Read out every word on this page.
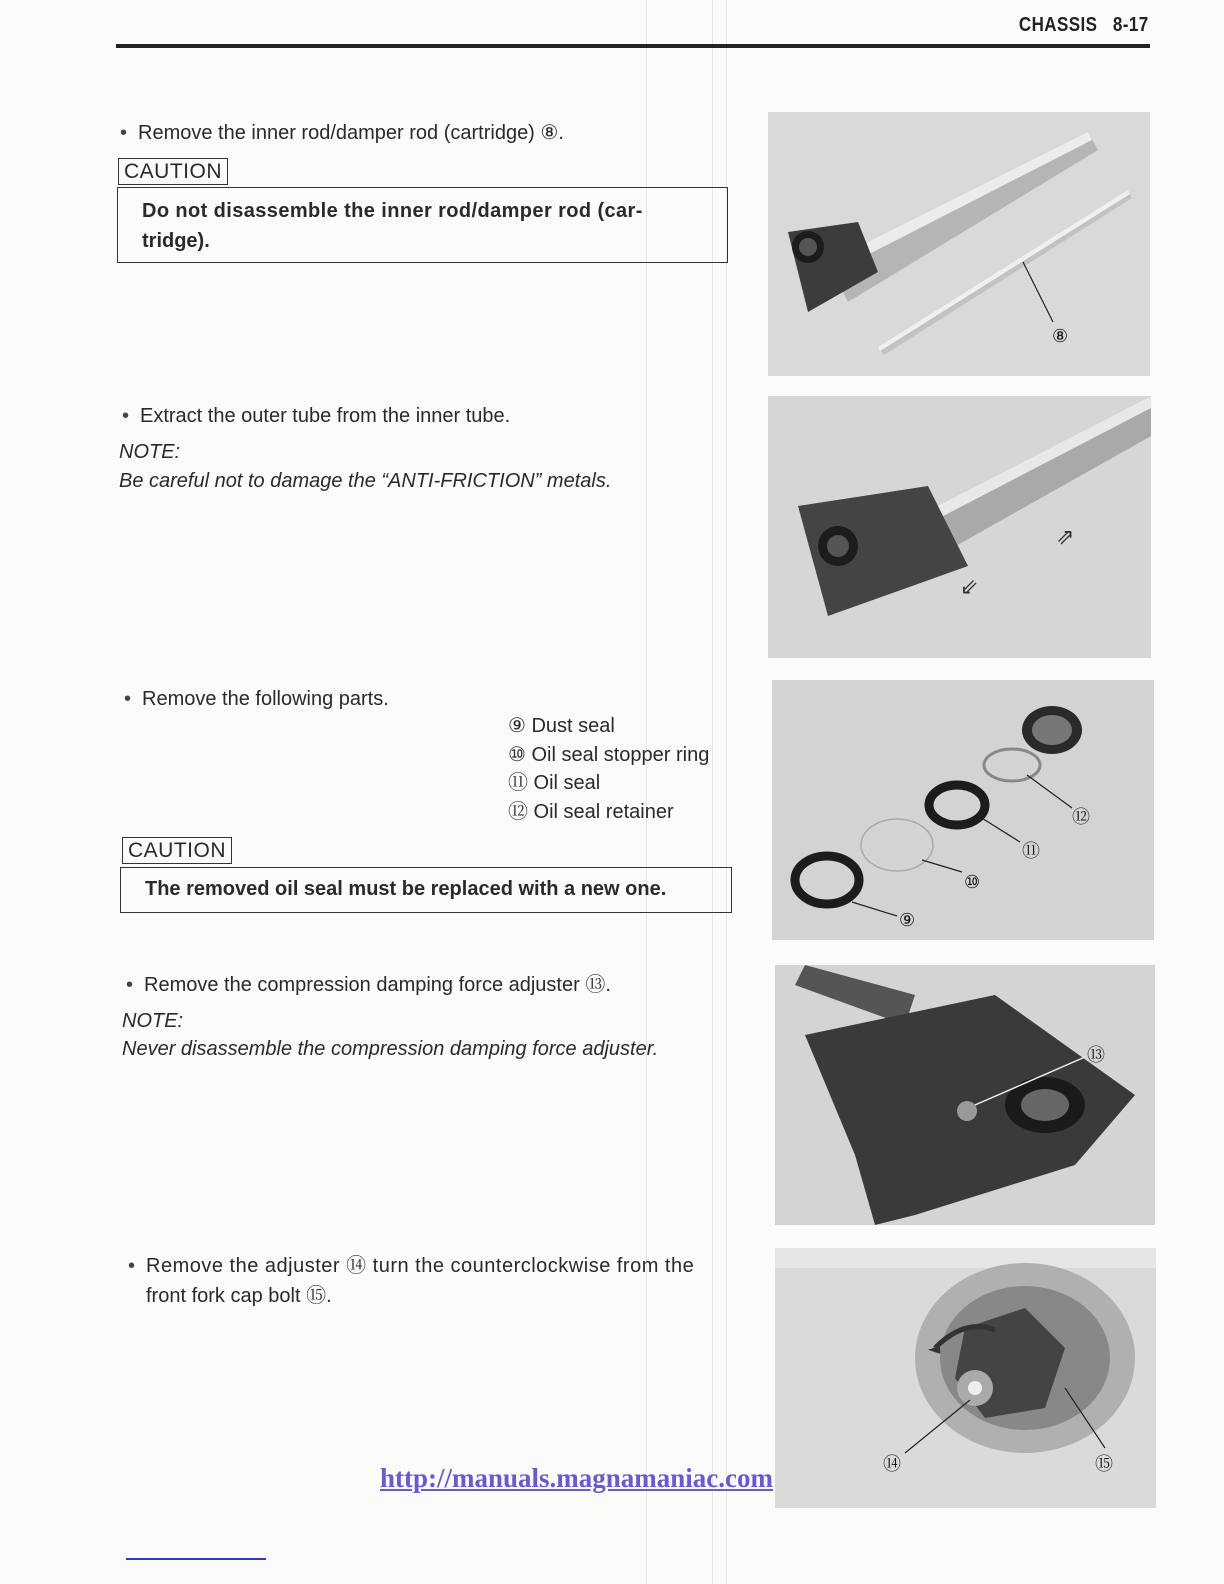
CHASSIS 8-17
• Remove the inner rod/damper rod (cartridge) ⑧.
CAUTION
Do not disassemble the inner rod/damper rod (car-
tridge).
⑧
• Extract the outer tube from the inner tube.
NOTE:
Be careful not to damage the “ANTI-FRICTION” metals.
⇗
⇙
• Remove the following parts.
⑨ Dust seal
⑩ Oil seal stopper ring
⑪ Oil seal
⑫ Oil seal retainer
CAUTION
The removed oil seal must be replaced with a new one.
⑫
⑪
⑩
⑨
• Remove the compression damping force adjuster ⑬.
NOTE:
Never disassemble the compression damping force adjuster.	⑬
• Remove the adjuster ⑭ turn the counterclockwise from the
front fork cap bolt ⑮.
◄
⑭	⑮
http://manuals.magnamaniac.com
